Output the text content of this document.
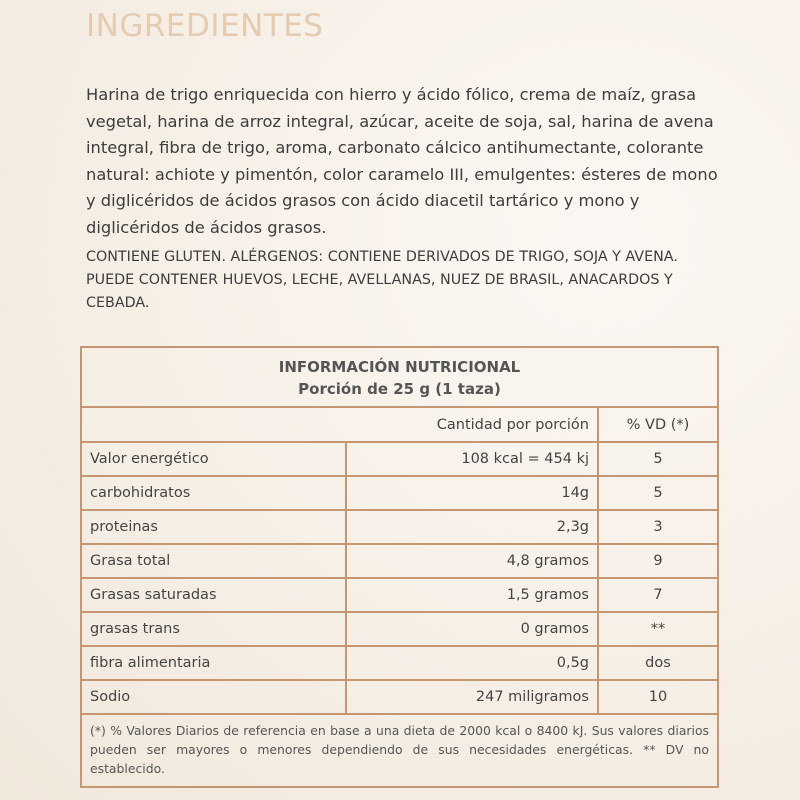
INGREDIENTES
Harina de trigo enriquecida con hierro y ácido fólico, crema de maíz, grasa vegetal, harina de arroz integral, azúcar, aceite de soja, sal, harina de avena integral, fibra de trigo, aroma, carbonato cálcico antihumectante, colorante natural: achiote y pimentón, color caramelo III, emulgentes: ésteres de mono y diglicéridos de ácidos grasos con ácido diacetil tartárico y mono y diglicéridos de ácidos grasos.
CONTIENE GLUTEN. ALÉRGENOS: CONTIENE DERIVADOS DE TRIGO, SOJA Y AVENA. PUEDE CONTENER HUEVOS, LECHE, AVELLANAS, NUEZ DE BRASIL, ANACARDOS Y CEBADA.
INFORMACIÓN NUTRICIONAL
Porción de 25 g (1 taza)
	Cantidad por porción	% VD (*)
Valor energético	108 kcal = 454 kj	5
carbohidratos	14g	5
proteinas	2,3g	3
Grasa total	4,8 gramos	9
Grasas saturadas	1,5 gramos	7
grasas trans	0 gramos	**
fibra alimentaria	0,5g	dos
Sodio	247 miligramos	10
(*) % Valores Diarios de referencia en base a una dieta de 2000 kcal o 8400 kJ. Sus valores diarios pueden ser mayores o menores dependiendo de sus necesidades energéticas. ** DV no establecido.
